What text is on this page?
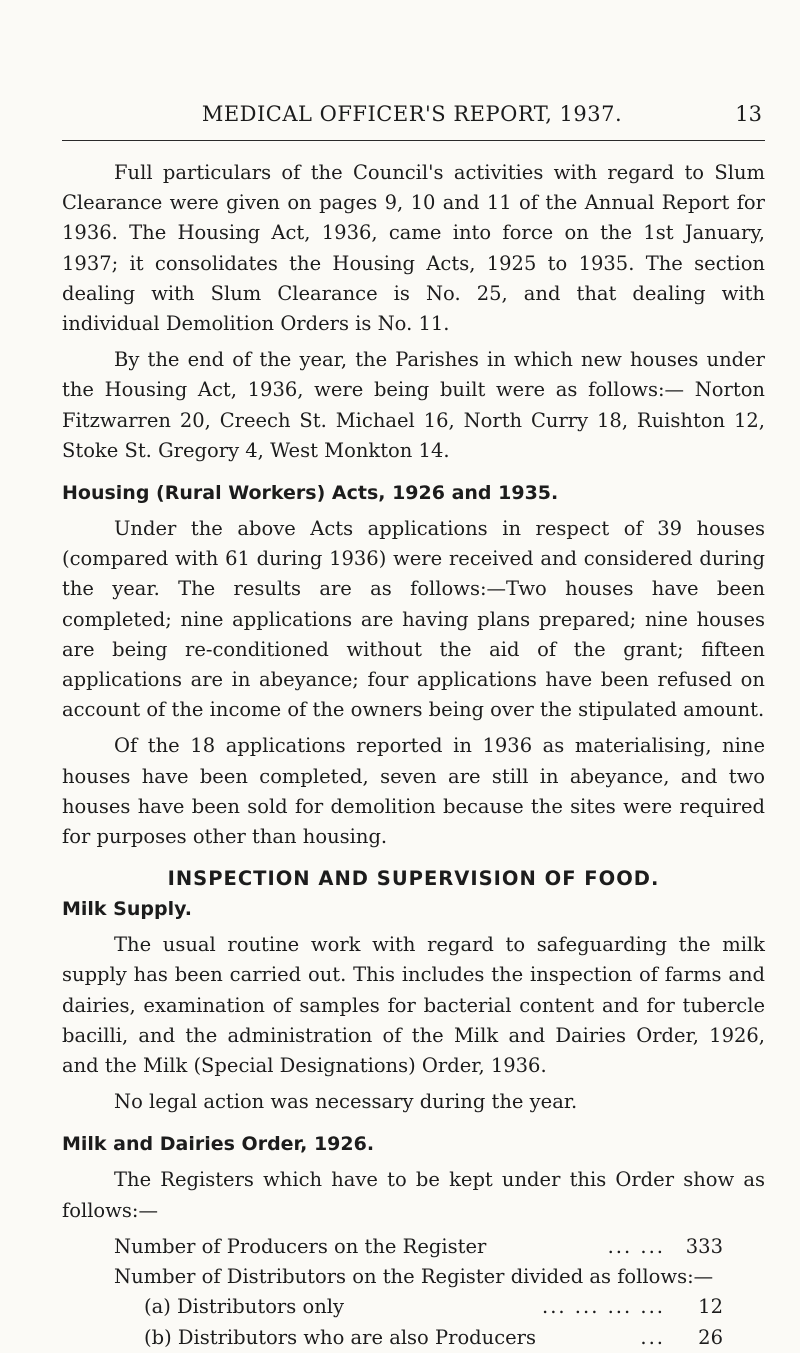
MEDICAL OFFICER'S REPORT, 1937.	13

Full particulars of the Council's activities with regard to Slum Clearance were given on pages 9, 10 and 11 of the Annual Report for 1936. The Housing Act, 1936, came into force on the 1st January, 1937; it consolidates the Housing Acts, 1925 to 1935. The section dealing with Slum Clearance is No. 25, and that dealing with individual Demolition Orders is No. 11.

By the end of the year, the Parishes in which new houses under the Housing Act, 1936, were being built were as follows:— Norton Fitzwarren 20, Creech St. Michael 16, North Curry 18, Ruishton 12, Stoke St. Gregory 4, West Monkton 14.

Housing (Rural Workers) Acts, 1926 and 1935.

Under the above Acts applications in respect of 39 houses (compared with 61 during 1936) were received and considered during the year. The results are as follows:—Two houses have been completed; nine applications are having plans prepared; nine houses are being re-conditioned without the aid of the grant; fifteen applications are in abeyance; four applications have been refused on account of the income of the owners being over the stipulated amount.

Of the 18 applications reported in 1936 as materialising, nine houses have been completed, seven are still in abeyance, and two houses have been sold for demolition because the sites were required for purposes other than housing.

INSPECTION AND SUPERVISION OF FOOD.
Milk Supply.

The usual routine work with regard to safeguarding the milk supply has been carried out. This includes the inspection of farms and dairies, examination of samples for bacterial content and for tubercle bacilli, and the administration of the Milk and Dairies Order, 1926, and the Milk (Special Designations) Order, 1936.

No legal action was necessary during the year.

Milk and Dairies Order, 1926.

The Registers which have to be kept under this Order show as follows:—

Number of Producers on the Register	... ...	333
Number of Distributors on the Register divided as follows:—
(a) Distributors only	... ... ... ...	12
(b) Distributors who are also Producers	...	26
